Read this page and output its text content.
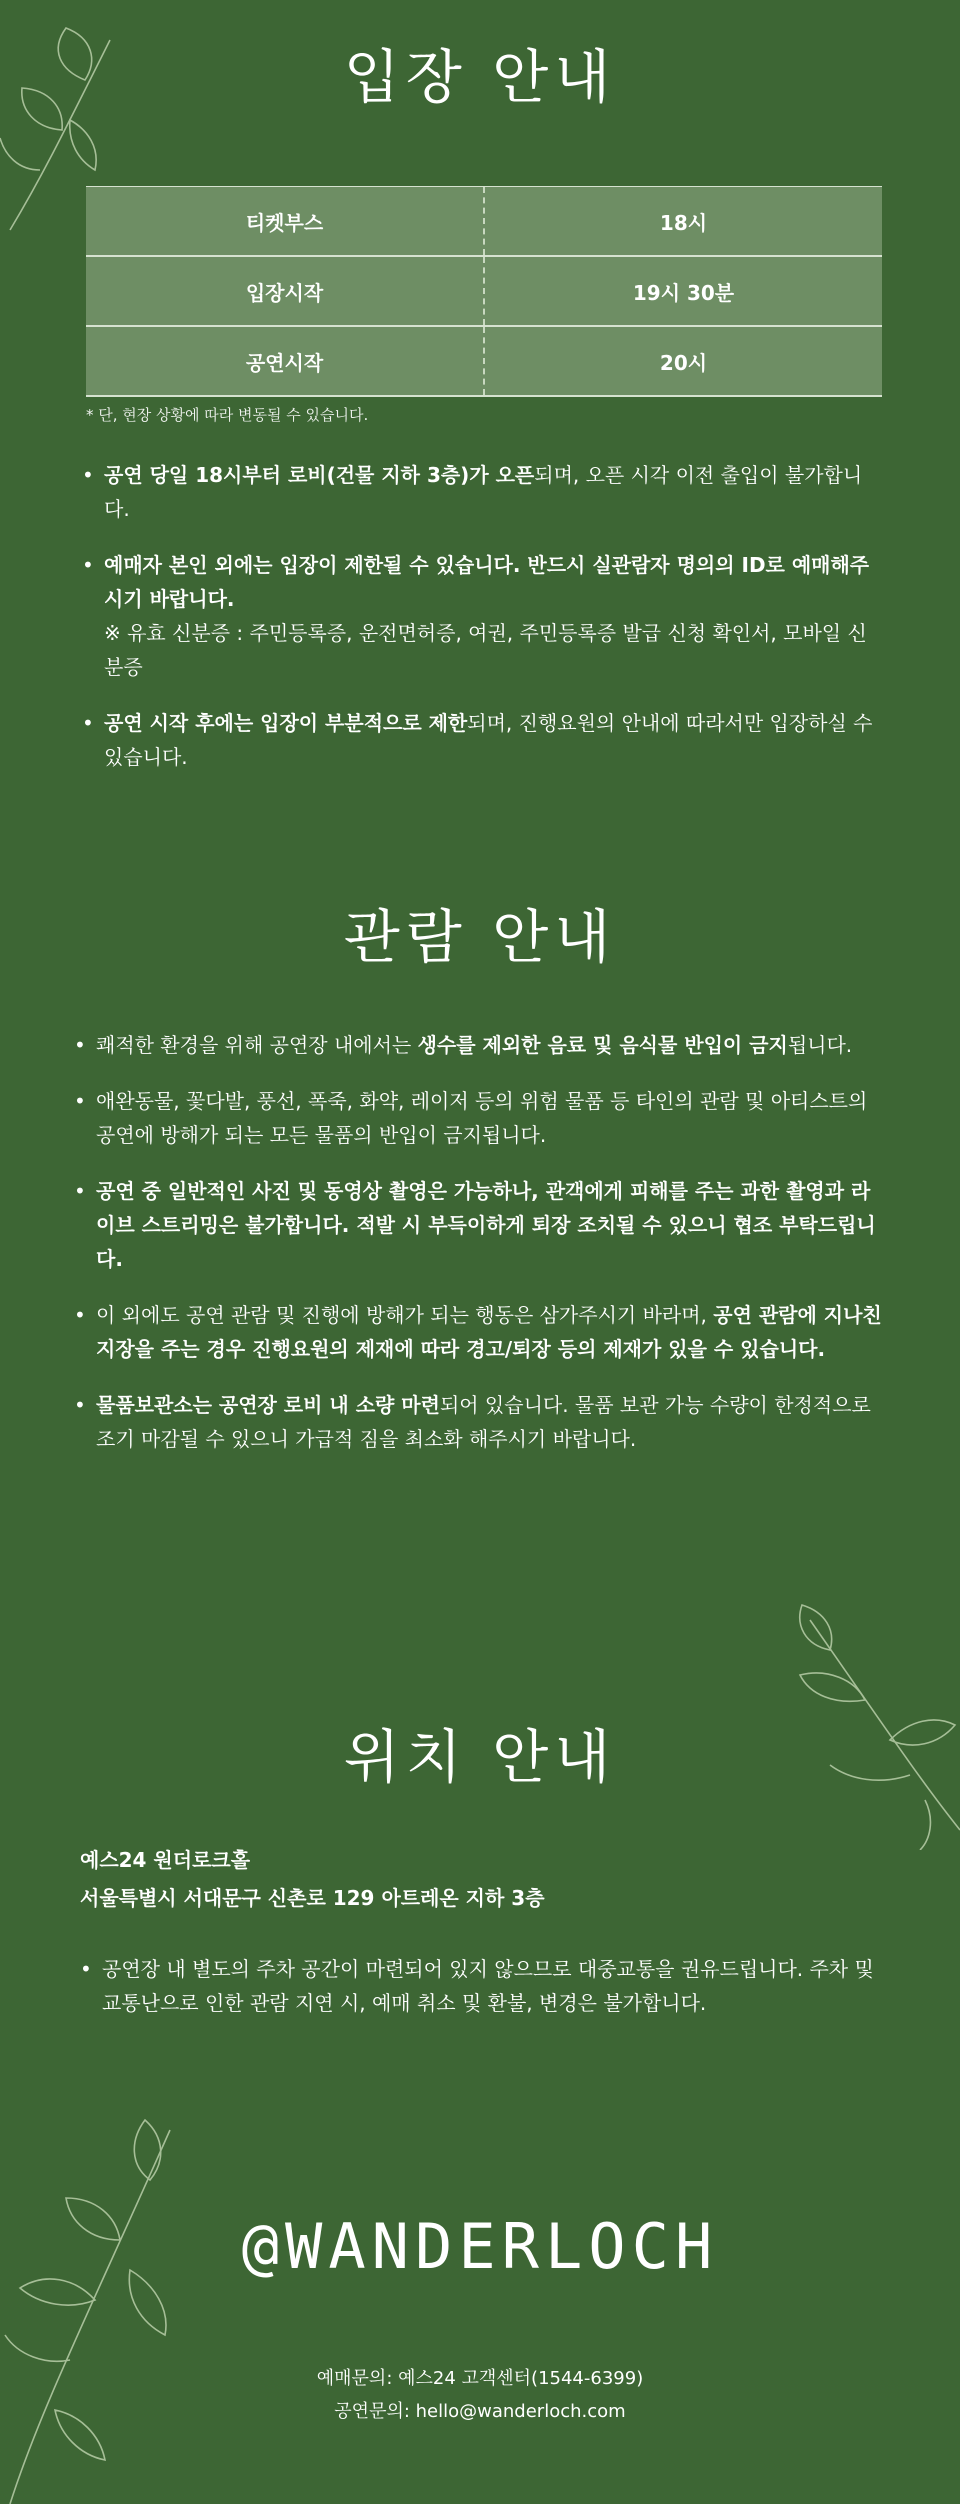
입장 안내
티켓부스	18시
입장시작	19시 30분
공연시작	20시
* 단, 현장 상황에 따라 변동될 수 있습니다.
• 공연 당일 18시부터 로비(건물 지하 3층)가 오픈되며, 오픈 시각 이전 출입이 불가합니다.
• 예매자 본인 외에는 입장이 제한될 수 있습니다. 반드시 실관람자 명의의 ID로 예매해주시기 바랍니다.
※ 유효 신분증 : 주민등록증, 운전면허증, 여권, 주민등록증 발급 신청 확인서, 모바일 신분증
• 공연 시작 후에는 입장이 부분적으로 제한되며, 진행요원의 안내에 따라서만 입장하실 수 있습니다.
관람 안내
• 쾌적한 환경을 위해 공연장 내에서는 생수를 제외한 음료 및 음식물 반입이 금지됩니다.
• 애완동물, 꽃다발, 풍선, 폭죽, 화약, 레이저 등의 위험 물품 등 타인의 관람 및 아티스트의 공연에 방해가 되는 모든 물품의 반입이 금지됩니다.
• 공연 중 일반적인 사진 및 동영상 촬영은 가능하나, 관객에게 피해를 주는 과한 촬영과 라이브 스트리밍은 불가합니다. 적발 시 부득이하게 퇴장 조치될 수 있으니 협조 부탁드립니다.
• 이 외에도 공연 관람 및 진행에 방해가 되는 행동은 삼가주시기 바라며, 공연 관람에 지나친 지장을 주는 경우 진행요원의 제재에 따라 경고/퇴장 등의 제재가 있을 수 있습니다.
• 물품보관소는 공연장 로비 내 소량 마련되어 있습니다. 물품 보관 가능 수량이 한정적으로 조기 마감될 수 있으니 가급적 짐을 최소화 해주시기 바랍니다.
위치 안내
예스24 원더로크홀
서울특별시 서대문구 신촌로 129 아트레온 지하 3층
• 공연장 내 별도의 주차 공간이 마련되어 있지 않으므로 대중교통을 권유드립니다. 주차 및 교통난으로 인한 관람 지연 시, 예매 취소 및 환불, 변경은 불가합니다.
@WANDERLOCH
예매문의: 예스24 고객센터(1544-6399)
공연문의: hello@wanderloch.com
